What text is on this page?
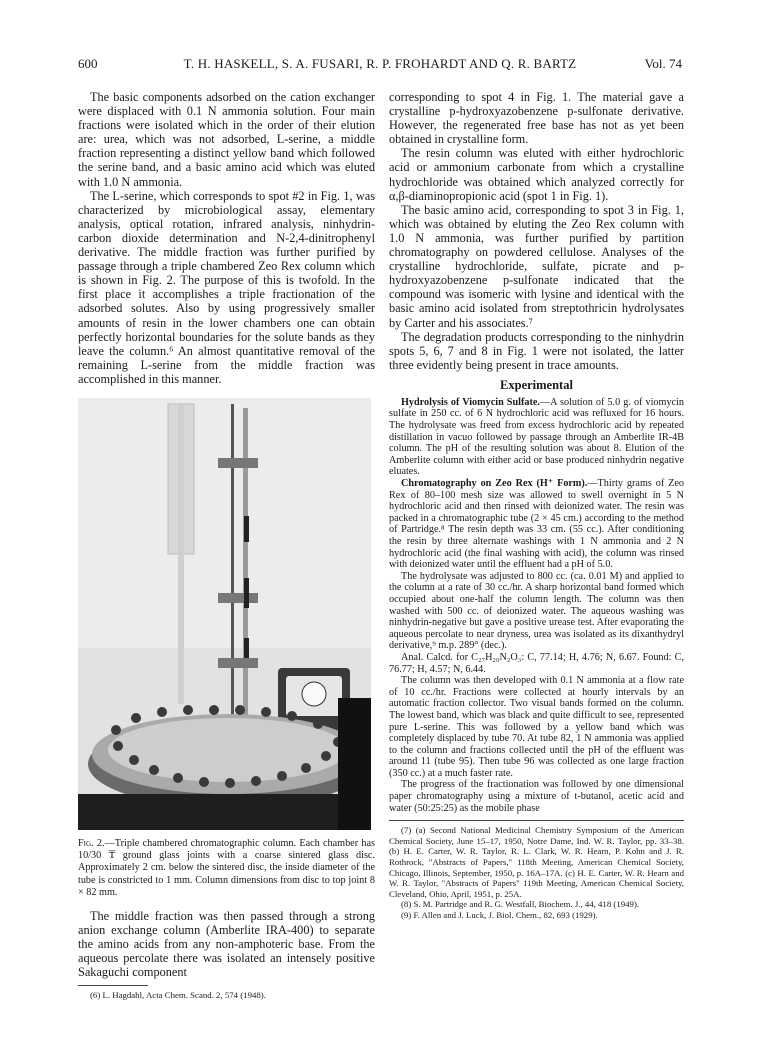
600	T. H. HASKELL, S. A. FUSARI, R. P. FROHARDT AND Q. R. BARTZ	Vol. 74

The basic components adsorbed on the cation exchanger were displaced with 0.1 N ammonia solution. Four main fractions were isolated which in the order of their elution are: urea, which was not adsorbed, L-serine, a middle fraction representing a distinct yellow band which followed the serine band, and a basic amino acid which was eluted with 1.0 N ammonia.

The L-serine, which corresponds to spot #2 in Fig. 1, was characterized by microbiological assay, elementary analysis, optical rotation, infrared analysis, ninhydrin-carbon dioxide determination and N-2,4-dinitrophenyl derivative. The middle fraction was further purified by passage through a triple chambered Zeo Rex column which is shown in Fig. 2. The purpose of this is twofold. In the first place it accomplishes a triple fractionation of the adsorbed solutes. Also by using progressively smaller amounts of resin in the lower chambers one can obtain perfectly horizontal boundaries for the solute bands as they leave the column.⁶ An almost quantitative removal of the remaining L-serine from the middle fraction was accomplished in this manner.

Fig. 2.—Triple chambered chromatographic column. Each chamber has 10/30 ₸ ground glass joints with a coarse sintered glass disc. Approximately 2 cm. below the sintered disc, the inside diameter of the tube is constricted to 1 mm. Column dimensions from disc to top joint 8 × 82 mm.

The middle fraction was then passed through a strong anion exchange column (Amberlite IRA-400) to separate the amino acids from any non-amphoteric base. From the aqueous percolate there was isolated an intensely positive Sakaguchi component

(6) L. Hagdahl, Acta Chem. Scand. 2, 574 (1948).

corresponding to spot 4 in Fig. 1. The material gave a crystalline p-hydroxyazobenzene p-sulfonate derivative. However, the regenerated free base has not as yet been obtained in crystalline form.

The resin column was eluted with either hydrochloric acid or ammonium carbonate from which a crystalline hydrochloride was obtained which analyzed correctly for α,β-diaminopropionic acid (spot 1 in Fig. 1).

The basic amino acid, corresponding to spot 3 in Fig. 1, which was obtained by eluting the Zeo Rex column with 1.0 N ammonia, was further purified by partition chromatography on powdered cellulose. Analyses of the crystalline hydrochloride, sulfate, picrate and p-hydroxyazobenzene p-sulfonate indicated that the compound was isomeric with lysine and identical with the basic amino acid isolated from streptothricin hydrolysates by Carter and his associates.⁷

The degradation products corresponding to the ninhydrin spots 5, 6, 7 and 8 in Fig. 1 were not isolated, the latter three evidently being present in trace amounts.

Experimental

Hydrolysis of Viomycin Sulfate.—A solution of 5.0 g. of viomycin sulfate in 250 cc. of 6 N hydrochloric acid was refluxed for 16 hours. The hydrolysate was freed from excess hydrochloric acid by repeated distillation in vacuo followed by passage through an Amberlite IR-4B column. The pH of the resulting solution was about 8. Elution of the Amberlite column with either acid or base produced ninhydrin negative eluates.

Chromatography on Zeo Rex (H⁺ Form).—Thirty grams of Zeo Rex of 80–100 mesh size was allowed to swell overnight in 5 N hydrochloric acid and then rinsed with deionized water. The resin was packed in a chromatographic tube (2 × 45 cm.) according to the method of Partridge.⁸ The resin depth was 33 cm. (55 cc.). After conditioning the resin by three alternate washings with 1 N ammonia and 2 N hydrochloric acid (the final washing with acid), the column was rinsed with deionized water until the effluent had a pH of 5.0.

The hydrolysate was adjusted to 800 cc. (ca. 0.01 M) and applied to the column at a rate of 30 cc./hr. A sharp horizontal band formed which occupied about one-half the column length. The column was then washed with 500 cc. of deionized water. The aqueous washing was ninhydrin-negative but gave a positive urease test. After evaporating the aqueous percolate to near dryness, urea was isolated as its dixanthydryl derivative,⁹ m.p. 289° (dec.).

Anal. Calcd. for C₂₇H₂₀N₂O₃: C, 77.14; H, 4.76; N, 6.67. Found: C, 76.77; H, 4.57; N, 6.44.

The column was then developed with 0.1 N ammonia at a flow rate of 10 cc./hr. Fractions were collected at hourly intervals by an automatic fraction collector. Two visual bands formed on the column. The lowest band, which was black and quite difficult to see, represented pure L-serine. This was followed by a yellow band which was completely displaced by tube 70. At tube 82, 1 N ammonia was applied to the column and fractions collected until the pH of the effluent was around 11 (tube 95). Then tube 96 was collected as one large fraction (350 cc.) at a much faster rate.

The progress of the fractionation was followed by one dimensional paper chromatography using a mixture of t-butanol, acetic acid and water (50:25:25) as the mobile phase

(7) (a) Second National Medicinal Chemistry Symposium of the American Chemical Society, June 15–17, 1950, Notre Dame, Ind. W. R. Taylor, pp. 33–38. (b) H. E. Carter, W. R. Taylor, R. L. Clark, W. R. Hearn, P. Kohn and J. R. Rothrock, "Abstracts of Papers," 118th Meeting, American Chemical Society, Chicago, Illinois, September, 1950, p. 16A–17A. (c) H. E. Carter, W. R. Hearn and W. R. Taylor, "Abstracts of Papers" 119th Meeting, American Chemical Society, Cleveland, Ohio, April, 1951, p. 25A.

(8) S. M. Partridge and R. G. Westfall, Biochem. J., 44, 418 (1949).

(9) F. Allen and J. Luck, J. Biol. Chem., 82, 693 (1929).
